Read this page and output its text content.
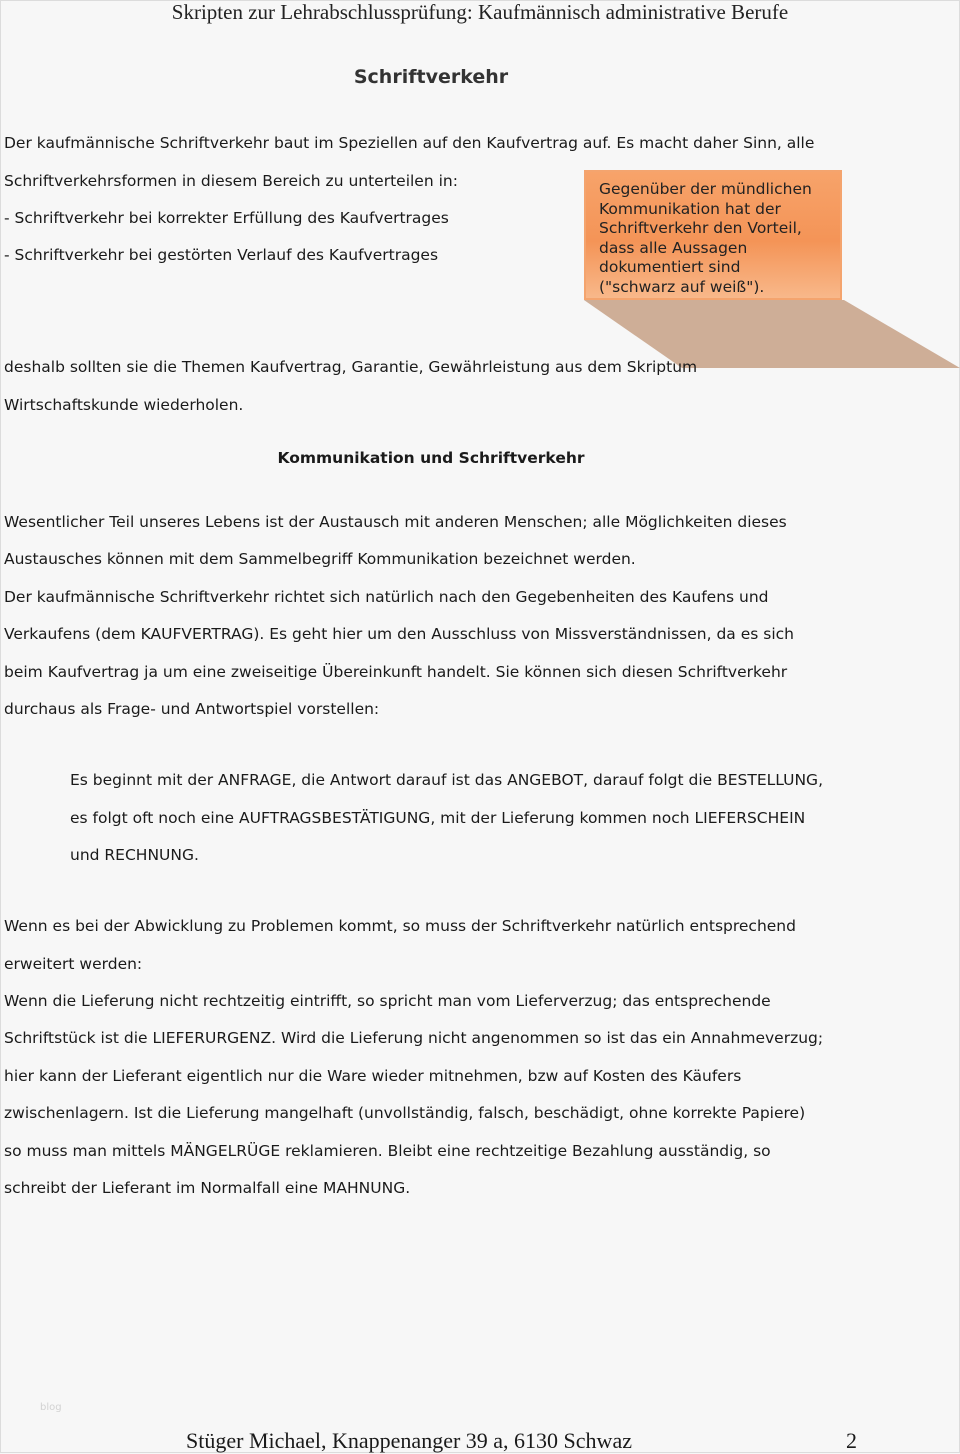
Skripten zur Lehrabschlussprüfung: Kaufmännisch administrative Berufe
Schriftverkehr
Der kaufmännische Schriftverkehr baut im Speziellen auf den Kaufvertrag auf. Es macht daher Sinn, alle
Schriftverkehrsformen in diesem Bereich zu unterteilen in:
- Schriftverkehr bei korrekter Erfüllung des Kaufvertrages
- Schriftverkehr bei gestörten Verlauf des Kaufvertrages
Gegenüber der mündlichen
Kommunikation hat der
Schriftverkehr den Vorteil,
dass alle Aussagen
dokumentiert sind
("schwarz auf weiß").
deshalb sollten sie die Themen Kaufvertrag, Garantie, Gewährleistung aus dem Skriptum
Wirtschaftskunde wiederholen.
Kommunikation und Schriftverkehr
Wesentlicher Teil unseres Lebens ist der Austausch mit anderen Menschen; alle Möglichkeiten dieses
Austausches können mit dem Sammelbegriff Kommunikation bezeichnet werden.
Der kaufmännische Schriftverkehr richtet sich natürlich nach den Gegebenheiten des Kaufens und
Verkaufens (dem KAUFVERTRAG). Es geht hier um den Ausschluss von Missverständnissen, da es sich
beim Kaufvertrag ja um eine zweiseitige Übereinkunft handelt. Sie können sich diesen Schriftverkehr
durchaus als Frage- und Antwortspiel vorstellen:
Es beginnt mit der ANFRAGE, die Antwort darauf ist das ANGEBOT, darauf folgt die BESTELLUNG,
es folgt oft noch eine AUFTRAGSBESTÄTIGUNG, mit der Lieferung kommen noch LIEFERSCHEIN
und RECHNUNG.
Wenn es bei der Abwicklung zu Problemen kommt, so muss der Schriftverkehr natürlich entsprechend
erweitert werden:
Wenn die Lieferung nicht rechtzeitig eintrifft, so spricht man vom Lieferverzug; das entsprechende
Schriftstück ist die LIEFERURGENZ. Wird die Lieferung nicht angenommen so ist das ein Annahmeverzug;
hier kann der Lieferant eigentlich nur die Ware wieder mitnehmen, bzw auf Kosten des Käufers
zwischenlagern. Ist die Lieferung mangelhaft (unvollständig, falsch, beschädigt, ohne korrekte Papiere)
so muss man mittels MÄNGELRÜGE reklamieren. Bleibt eine rechtzeitige Bezahlung ausständig, so
schreibt der Lieferant im Normalfall eine MAHNUNG.
blog
Stüger Michael, Knappenanger 39 a, 6130 Schwaz	2
